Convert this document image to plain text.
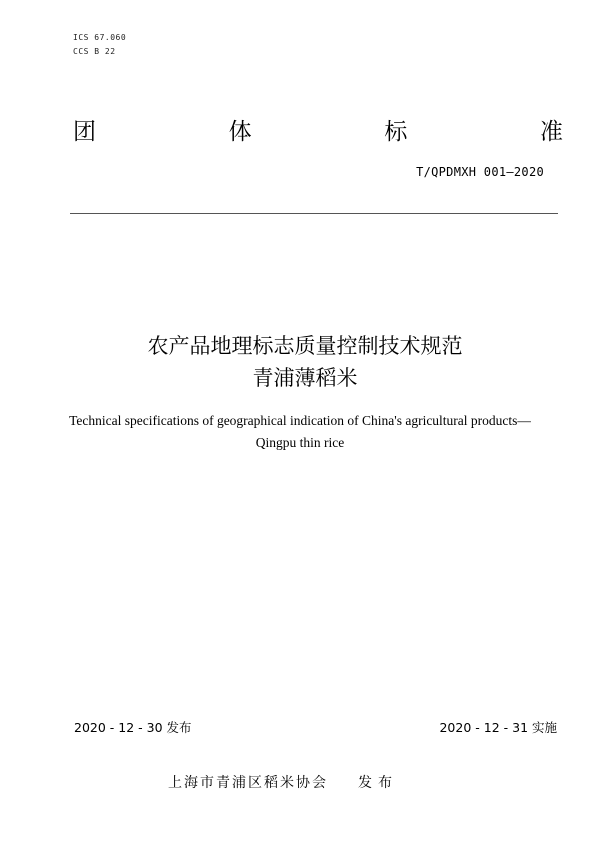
ICS 67.060
CCS B 22
团	体	标	准
T/QPDMXH 001—2020
农产品地理标志质量控制技术规范
青浦薄稻米
Technical specifications of geographical indication of China's agricultural products—
Qingpu thin rice
2020 - 12 - 30 发布	2020 - 12 - 31 实施
上海市青浦区稻米协会 发布
